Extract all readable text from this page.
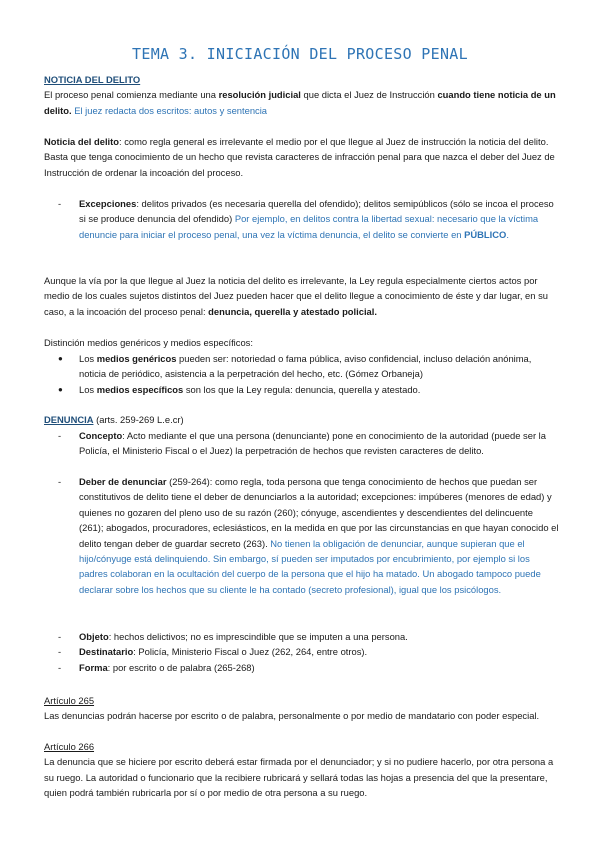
TEMA 3. INICIACIÓN DEL PROCESO PENAL
NOTICIA DEL DELITO

El proceso penal comienza mediante una resolución judicial que dicta el Juez de Instrucción cuando tiene noticia de un delito. El juez redacta dos escritos: autos y sentencia

Noticia del delito: como regla general es irrelevante el medio por el que llegue al Juez de instrucción la noticia del delito. Basta que tenga conocimiento de un hecho que revista caracteres de infracción penal para que nazca el deber del Juez de Instrucción de ordenar la incoación del proceso.

- Excepciones: delitos privados (es necesaria querella del ofendido); delitos semipúblicos (sólo se incoa el proceso si se produce denuncia del ofendido) Por ejemplo, en delitos contra la libertad sexual: necesario que la víctima denuncie para iniciar el proceso penal, una vez la víctima denuncia, el delito se convierte en PÚBLICO.

Aunque la vía por la que llegue al Juez la noticia del delito es irrelevante, la Ley regula especialmente ciertos actos por medio de los cuales sujetos distintos del Juez pueden hacer que el delito llegue a conocimiento de éste y dar lugar, en su caso, a la incoación del proceso penal: denuncia, querella y atestado policial.

Distinción medios genéricos y medios específicos:
● Los medios genéricos pueden ser: notoriedad o fama pública, aviso confidencial, incluso delación anónima, noticia de periódico, asistencia a la perpetración del hecho, etc. (Gómez Orbaneja)
● Los medios específicos son los que la Ley regula: denuncia, querella y atestado.
DENUNCIA (arts. 259-269 L.e.cr)
- Concepto: Acto mediante el que una persona (denunciante) pone en conocimiento de la autoridad (puede ser la Policía, el Ministerio Fiscal o el Juez) la perpetración de hechos que revisten caracteres de delito.
- Deber de denunciar (259-264): como regla, toda persona que tenga conocimiento de hechos que puedan ser constitutivos de delito tiene el deber de denunciarlos a la autoridad; excepciones: impúberes (menores de edad) y quienes no gozaren del pleno uso de su razón (260); cónyuge, ascendientes y descendientes del delincuente (261); abogados, procuradores, eclesiásticos, en la medida en que por las circunstancias en que hayan conocido el delito tengan deber de guardar secreto (263). No tienen la obligación de denunciar, aunque supieran que el hijo/cónyuge está delinquiendo. Sin embargo, sí pueden ser imputados por encubrimiento, por ejemplo si los padres colaboran en la ocultación del cuerpo de la persona que el hijo ha matado. Un abogado tampoco puede declarar sobre los hechos que su cliente le ha contado (secreto profesional), igual que los psicólogos.
- Objeto: hechos delictivos; no es imprescindible que se imputen a una persona.
- Destinatario: Policía, Ministerio Fiscal o Juez (262, 264, entre otros).
- Forma: por escrito o de palabra (265-268)
Artículo 265

Las denuncias podrán hacerse por escrito o de palabra, personalmente o por medio de mandatario con poder especial.

Artículo 266

La denuncia que se hiciere por escrito deberá estar firmada por el denunciador; y si no pudiere hacerlo, por otra persona a su ruego. La autoridad o funcionario que la recibiere rubricará y sellará todas las hojas a presencia del que la presentare, quien podrá también rubricarla por sí o por medio de otra persona a su ruego.
